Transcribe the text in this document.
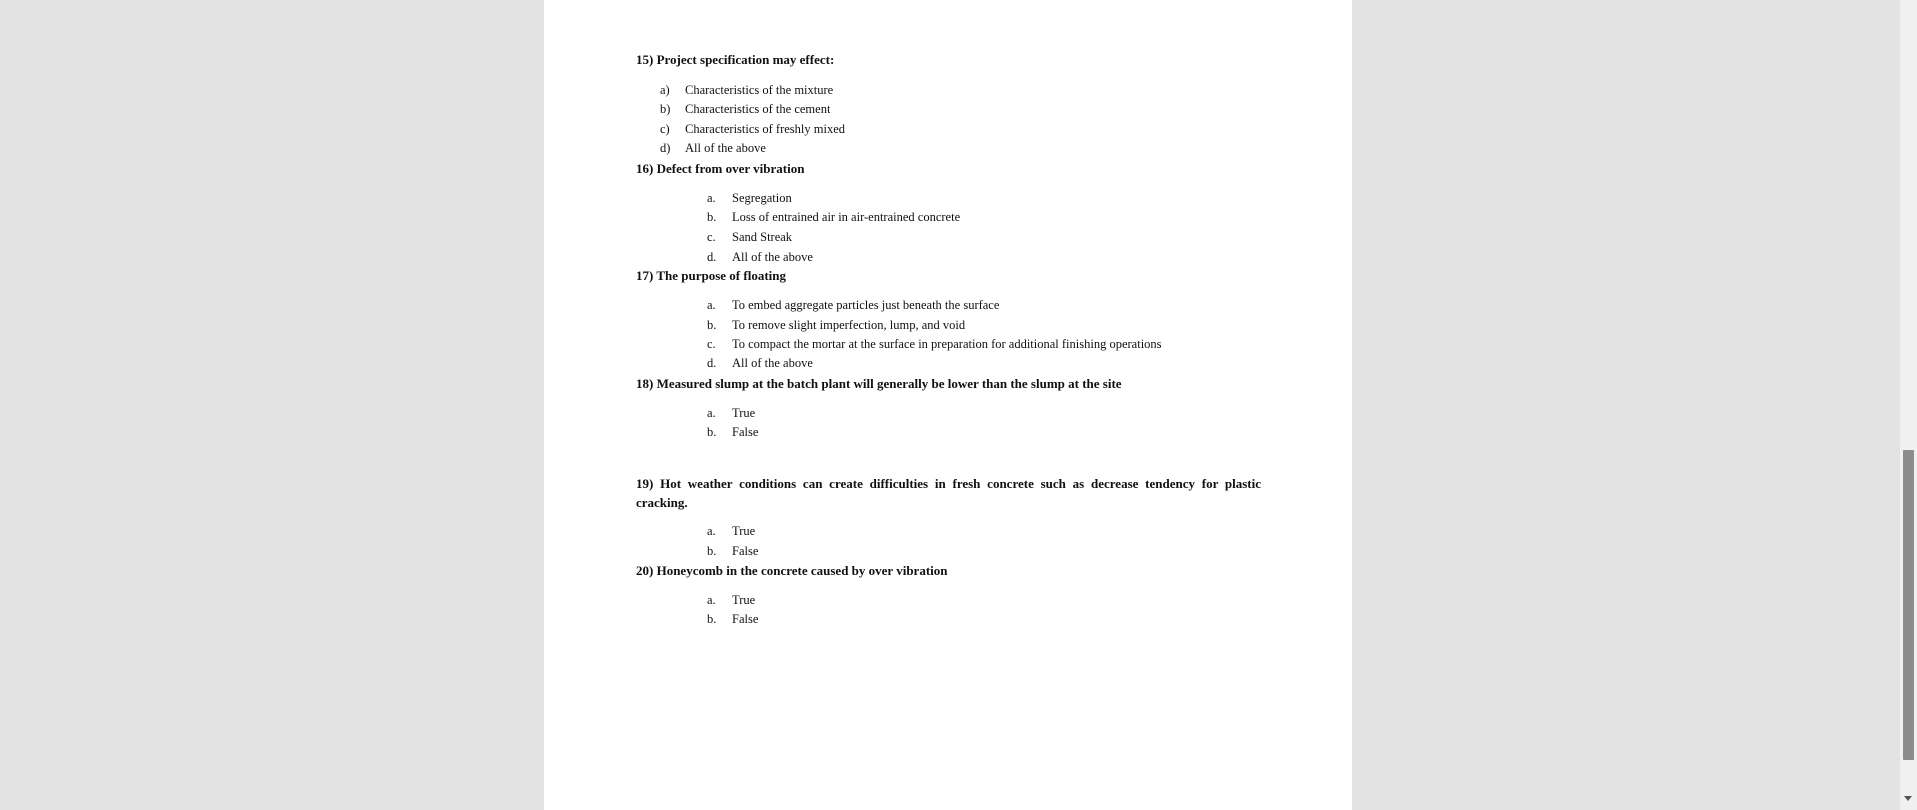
15) Project specification may effect:
a) Characteristics of the mixture
b) Characteristics of the cement
c) Characteristics of freshly mixed
d) All of the above
16) Defect from over vibration
a. Segregation
b. Loss of entrained air in air-entrained concrete
c. Sand Streak
d. All of the above
17) The purpose of floating
a. To embed aggregate particles just beneath the surface
b. To remove slight imperfection, lump, and void
c. To compact the mortar at the surface in preparation for additional finishing operations
d. All of the above
18) Measured slump at the batch plant will generally be lower than the slump at the site
a. True
b. False
19) Hot weather conditions can create difficulties in fresh concrete such as decrease tendency for plastic cracking.
a. True
b. False
20) Honeycomb in the concrete caused by over vibration
a. True
b. False
